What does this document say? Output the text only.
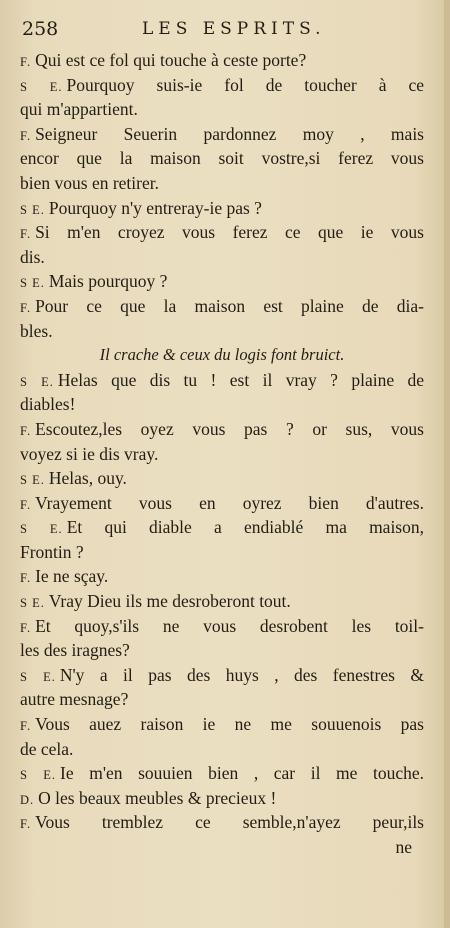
258	LES ESPRITS.
F. Qui est ce fol qui touche à ceste porte?
S E. Pourquoy suis-ie fol de toucher à ce
qui m'appartient.
F. Seigneur Seuerin pardonnez moy , mais
encor que la maison soit vostre,si ferez vous
bien vous en retirer.
S E. Pourquoy n'y entreray-ie pas ?
F. Si m'en croyez vous ferez ce que ie vous
dis.
S E. Mais pourquoy ?
F. Pour ce que la maison est plaine de dia-
bles.
Il crache & ceux du logis font bruict.
S E. Helas que dis tu ! est il vray ? plaine de
diables!
F. Escoutez,les oyez vous pas ? or sus, vous
voyez si ie dis vray.
S E. Helas, ouy.
F. Vrayement vous en oyrez bien d'autres.
S E. Et qui diable a endiablé ma maison,
Frontin ?
F. Ie ne sçay.
S E. Vray Dieu ils me desroberont tout.
F. Et quoy,s'ils ne vous desrobent les toil-
les des iragnes?
S E. N'y a il pas des huys , des fenestres &
autre mesnage?
F. Vous auez raison ie ne me souuenois pas
de cela.
S E. Ie m'en souuien bien , car il me touche.
D. O les beaux meubles & precieux !
F. Vous tremblez ce semble,n'ayez peur,ils
ne
